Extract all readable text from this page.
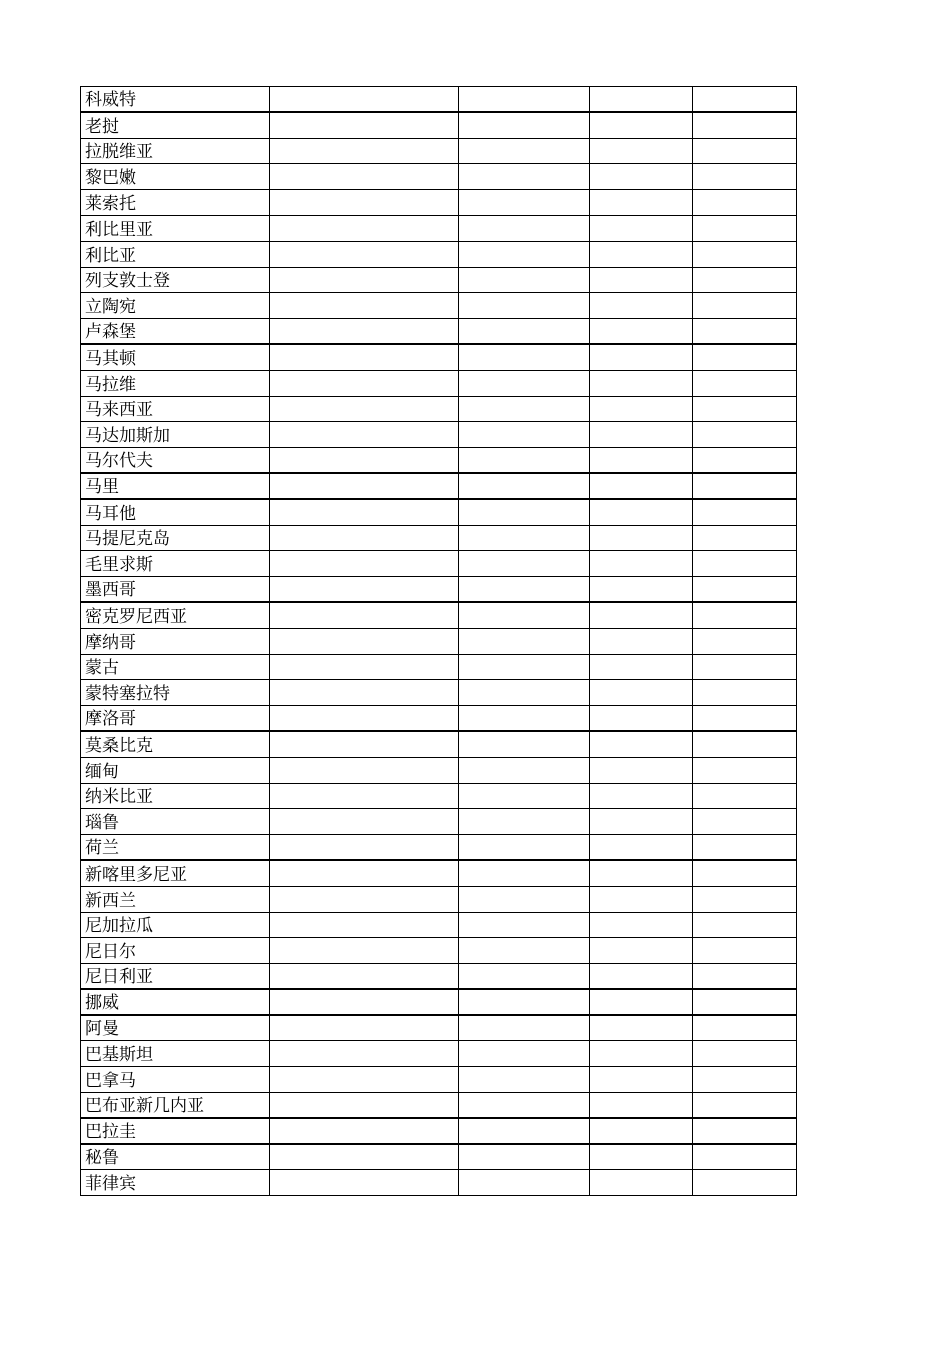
科威特				
老挝				
拉脱维亚				
黎巴嫩				
莱索托				
利比里亚				
利比亚				
列支敦士登				
立陶宛				
卢森堡				
马其顿				
马拉维				
马来西亚				
马达加斯加				
马尔代夫				
马里				
马耳他				
马提尼克岛				
毛里求斯				
墨西哥				
密克罗尼西亚				
摩纳哥				
蒙古				
蒙特塞拉特				
摩洛哥				
莫桑比克				
缅甸				
纳米比亚				
瑙鲁				
荷兰				
新喀里多尼亚				
新西兰				
尼加拉瓜				
尼日尔				
尼日利亚				
挪威				
阿曼				
巴基斯坦				
巴拿马				
巴布亚新几内亚				
巴拉圭				
秘鲁				
菲律宾				
